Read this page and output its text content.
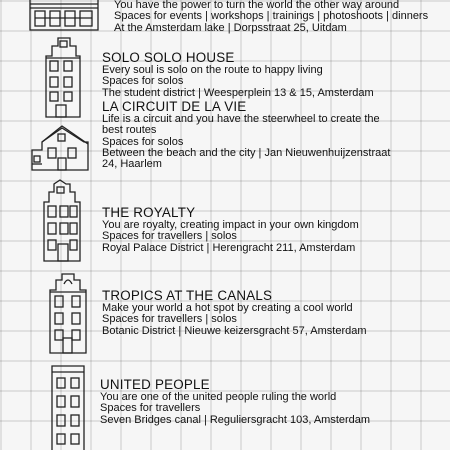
You have the power to turn the world the other way around
Spaces for events | workshops | trainings | photoshoots | dinners
At the Amsterdam lake | Dorpsstraat 25, Uitdam
SOLO SOLO HOUSE
Every soul is solo on the route to happy living
Spaces for solos
The student district | Weesperplein 13 & 15, Amsterdam
LA CIRCUIT DE LA VIE
Life is a circuit and you have the steerwheel to create the best routes
Spaces for solos
Between the beach and the city | Jan Nieuwenhuijzenstraat 24, Haarlem
THE ROYALTY
You are royalty, creating impact in your own kingdom
Spaces for travellers | solos
Royal Palace District | Herengracht 211, Amsterdam
TROPICS AT THE CANALS
Make your world a hot spot by creating a cool world
Spaces for travellers | solos
Botanic District | Nieuwe keizersgracht 57, Amsterdam
UNITED PEOPLE
You are one of the united people ruling the world
Spaces for travellers
Seven Bridges canal | Reguliersgracht 103, Amsterdam
